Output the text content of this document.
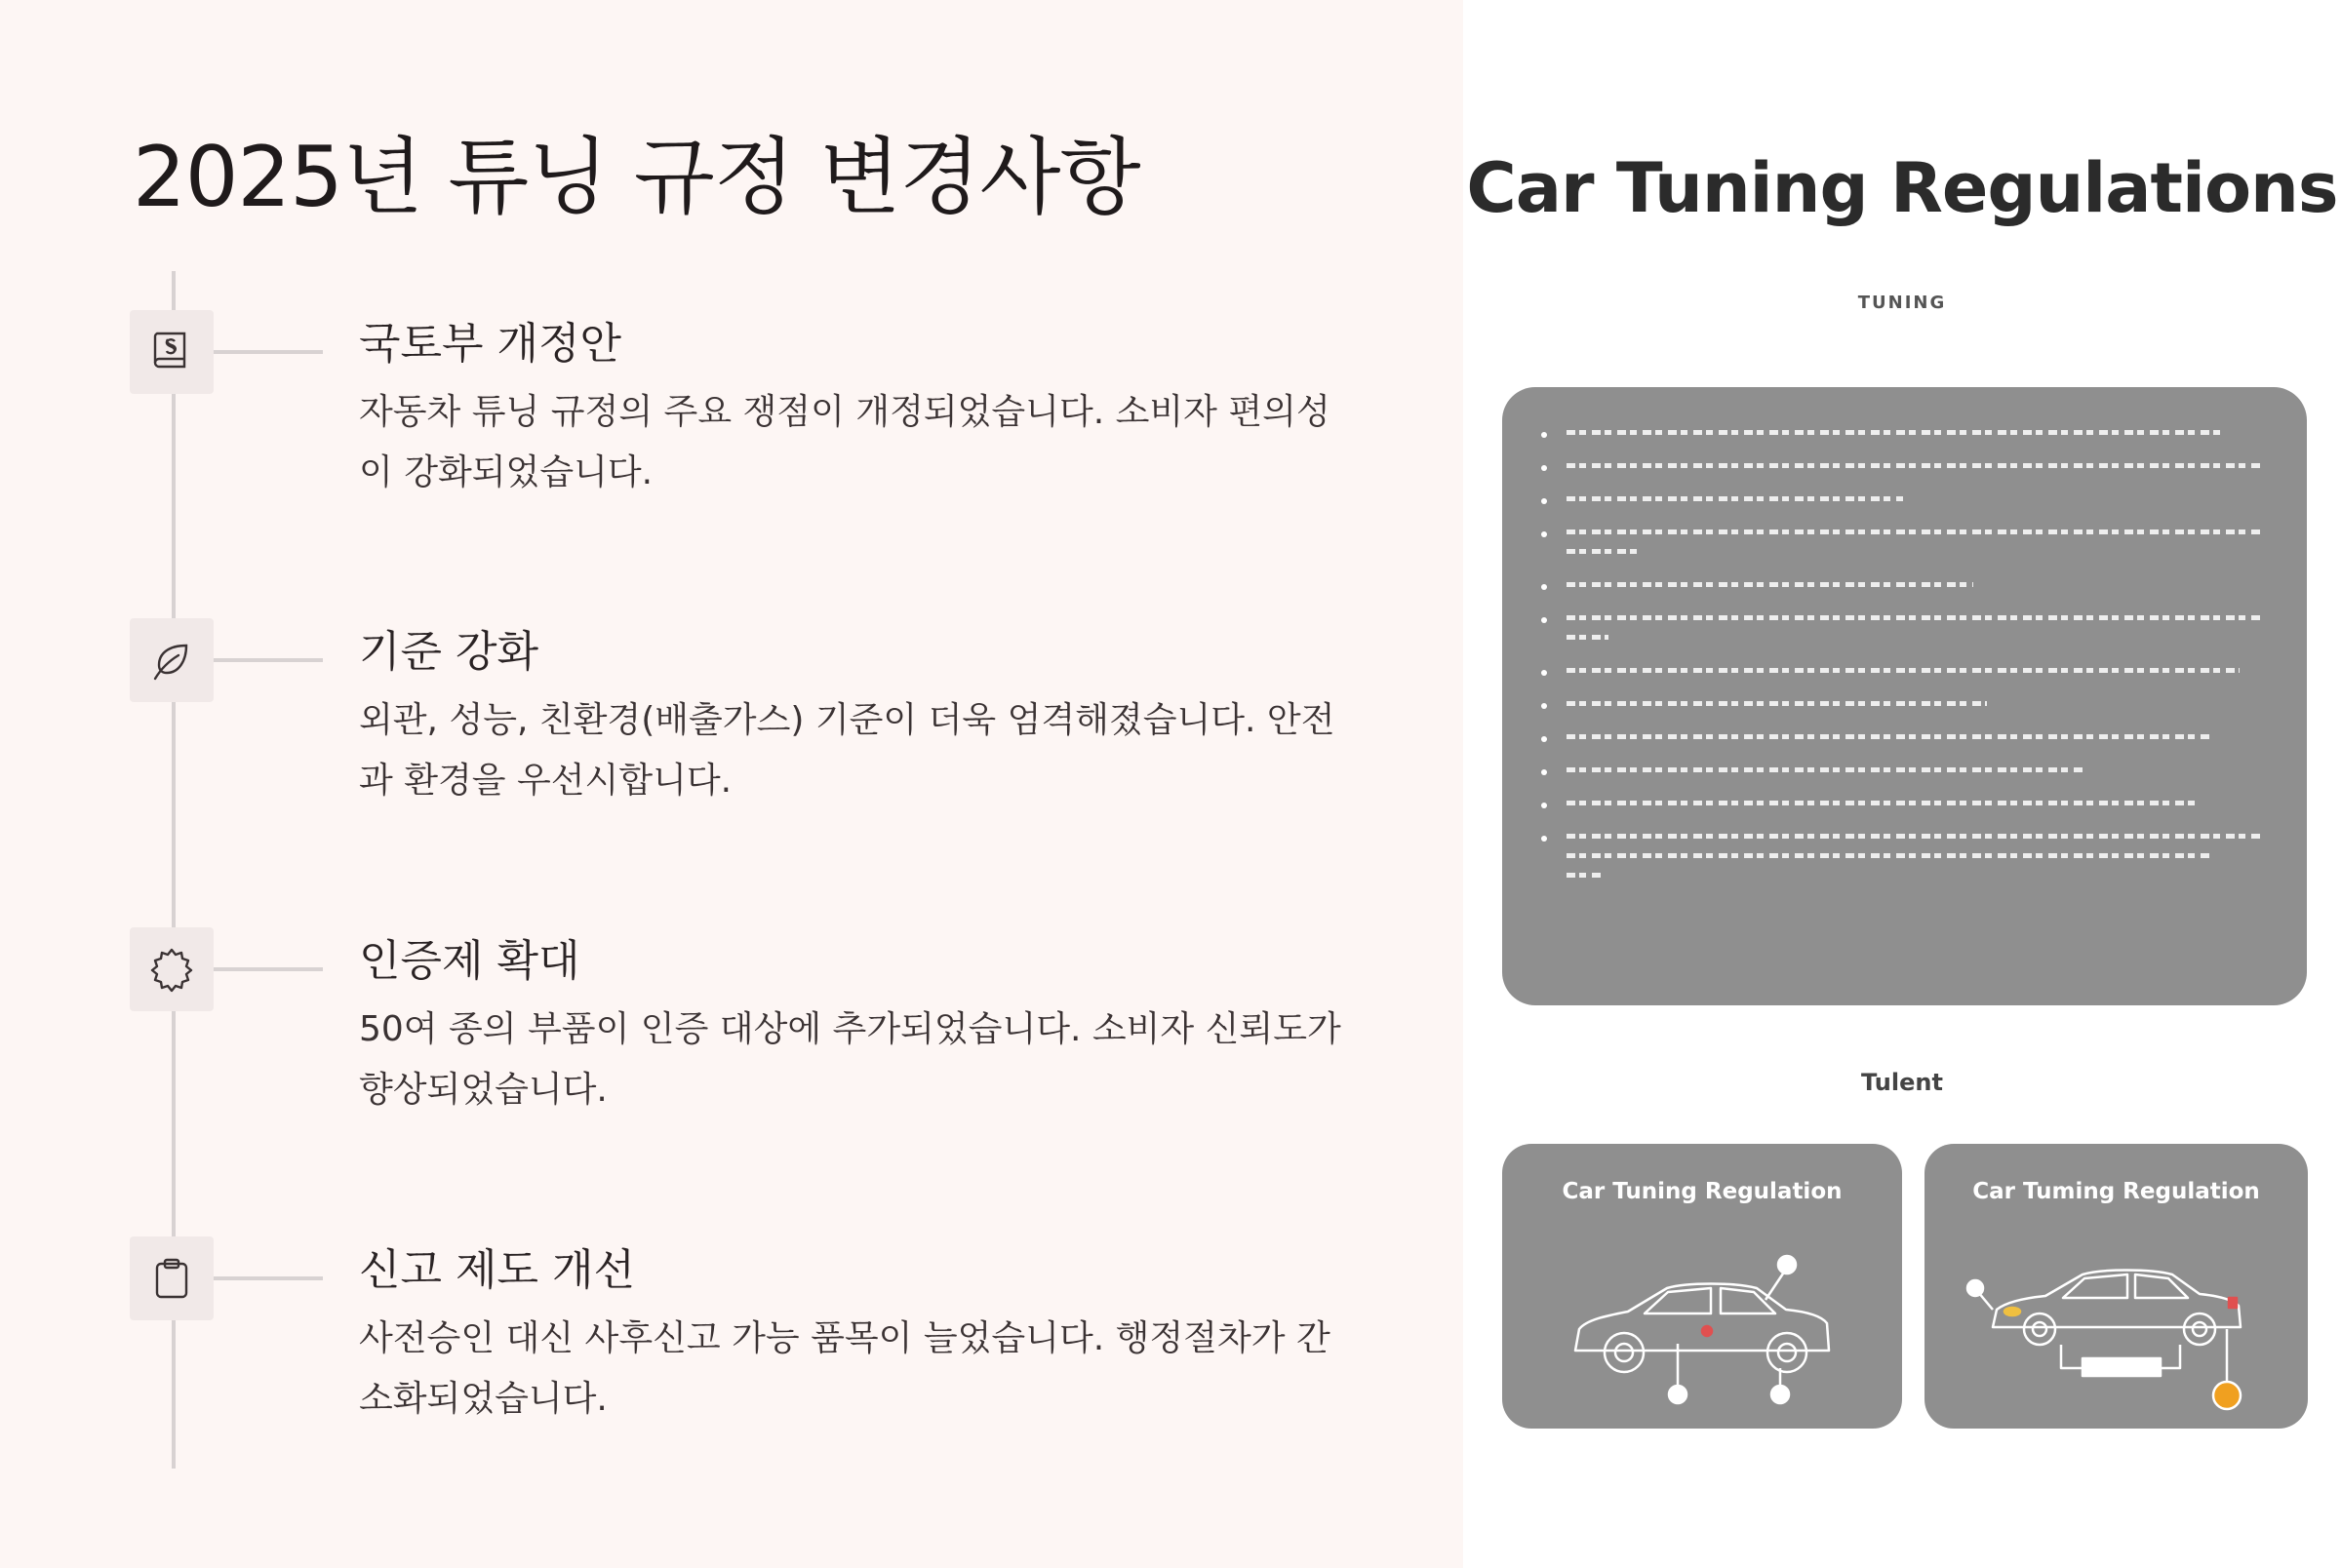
2025년 튜닝 규정 변경사항
국토부 개정안
자동차 튜닝 규정의 주요 쟁점이 개정되었습니다. 소비자 편의성이 강화되었습니다.
기준 강화
외관, 성능, 친환경(배출가스) 기준이 더욱 엄격해졌습니다. 안전과 환경을 우선시합니다.
인증제 확대
50여 종의 부품이 인증 대상에 추가되었습니다. 소비자 신뢰도가 향상되었습니다.
신고 제도 개선
사전승인 대신 사후신고 가능 품목이 늘었습니다. 행정절차가 간소화되었습니다.
Car Tuning Regulations
TUNING
Tulent
Car Tuning Regulation	Car Tuming Regulation
